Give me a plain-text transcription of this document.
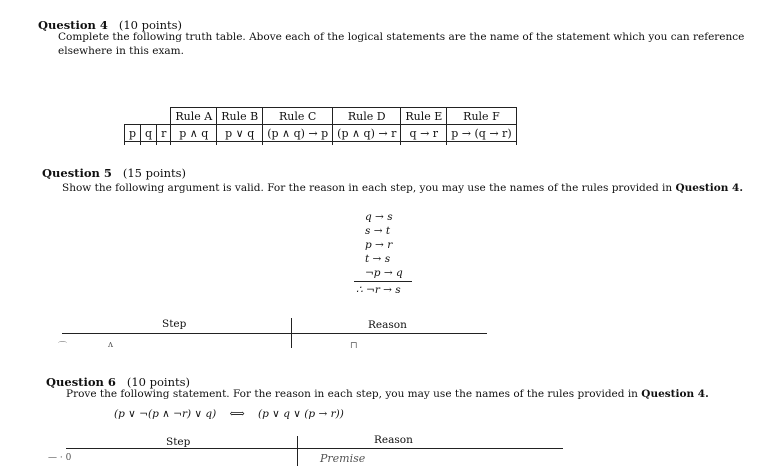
Question 4 (10 points)
Complete the following truth table. Above each of the logical statements are the name of the statement which you can reference
elsewhere in this exam.
			Rule A	Rule B	Rule C	Rule D	Rule E	Rule F
p	q	r	p ∧ q	p ∨ q	(p ∧ q) → p	(p ∧ q) → r	q → r	p → (q → r)

Question 5 (15 points)
Show the following argument is valid. For the reason in each step, you may use the names of the rules provided in Question 4.
q → s
s → t
p → r
t → s
¬p → q
∴ ¬r → s
Step	Reason
⌒	ʌ	⊓
Question 6 (10 points)
Prove the following statement. For the reason in each step, you may use the names of the rules provided in Question 4.
(p ∨ ¬(p ∧ ¬r) ∨ q) ⟺ (p ∨ q ∨ (p → r))
Step	Reason
— · 0	Premise
